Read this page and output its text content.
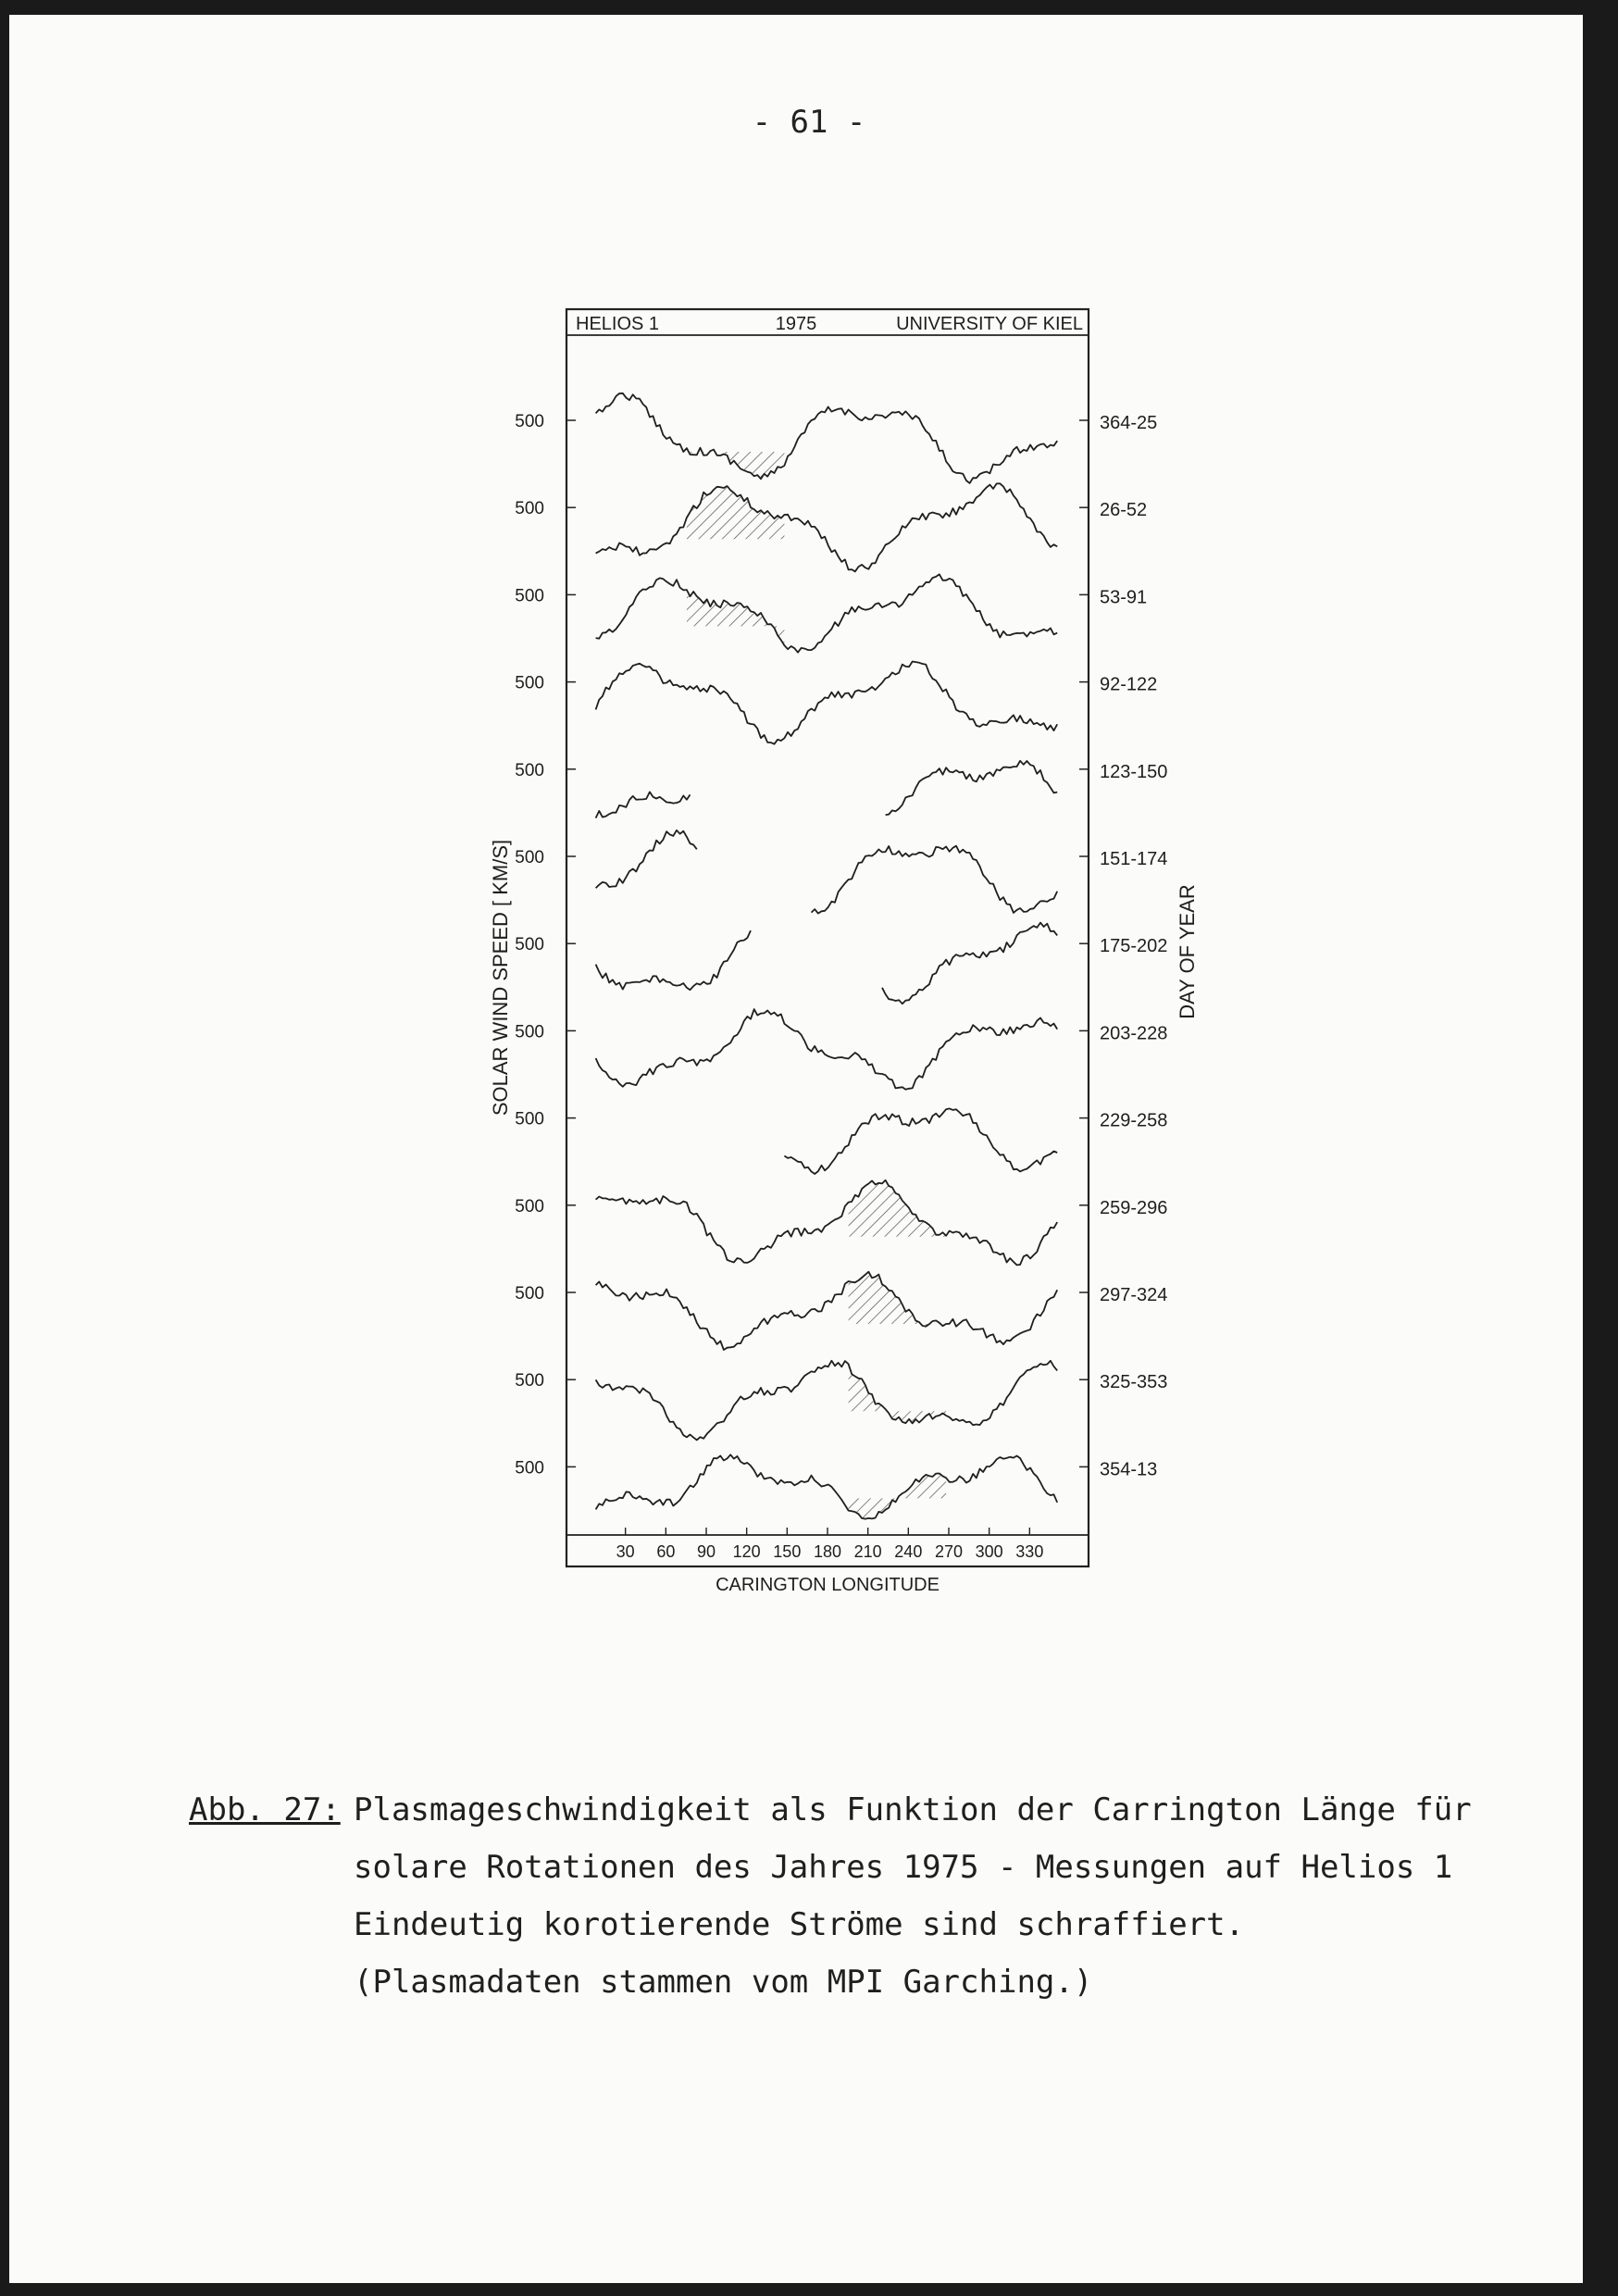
- 61 -
HELIOS 1	1975	UNIVERSITY OF KIEL
30 60 90 120 150 180 210 240 270 300 330
CARINGTON LONGITUDE
SOLAR WIND SPEED [ KM/S]	DAY OF YEAR
500	364-25
500	26-52
500	53-91
500	92-122
500	123-150
500	151-174
500	175-202
500	203-228
500	229-258
500	259-296
500	297-324
500	325-353
500	354-13
Abb. 27: Plasmageschwindigkeit als Funktion der Carrington Länge für
solare Rotationen des Jahres 1975 - Messungen auf Helios 1
Eindeutig korotierende Ströme sind schraffiert.
(Plasmadaten stammen vom MPI Garching.)
